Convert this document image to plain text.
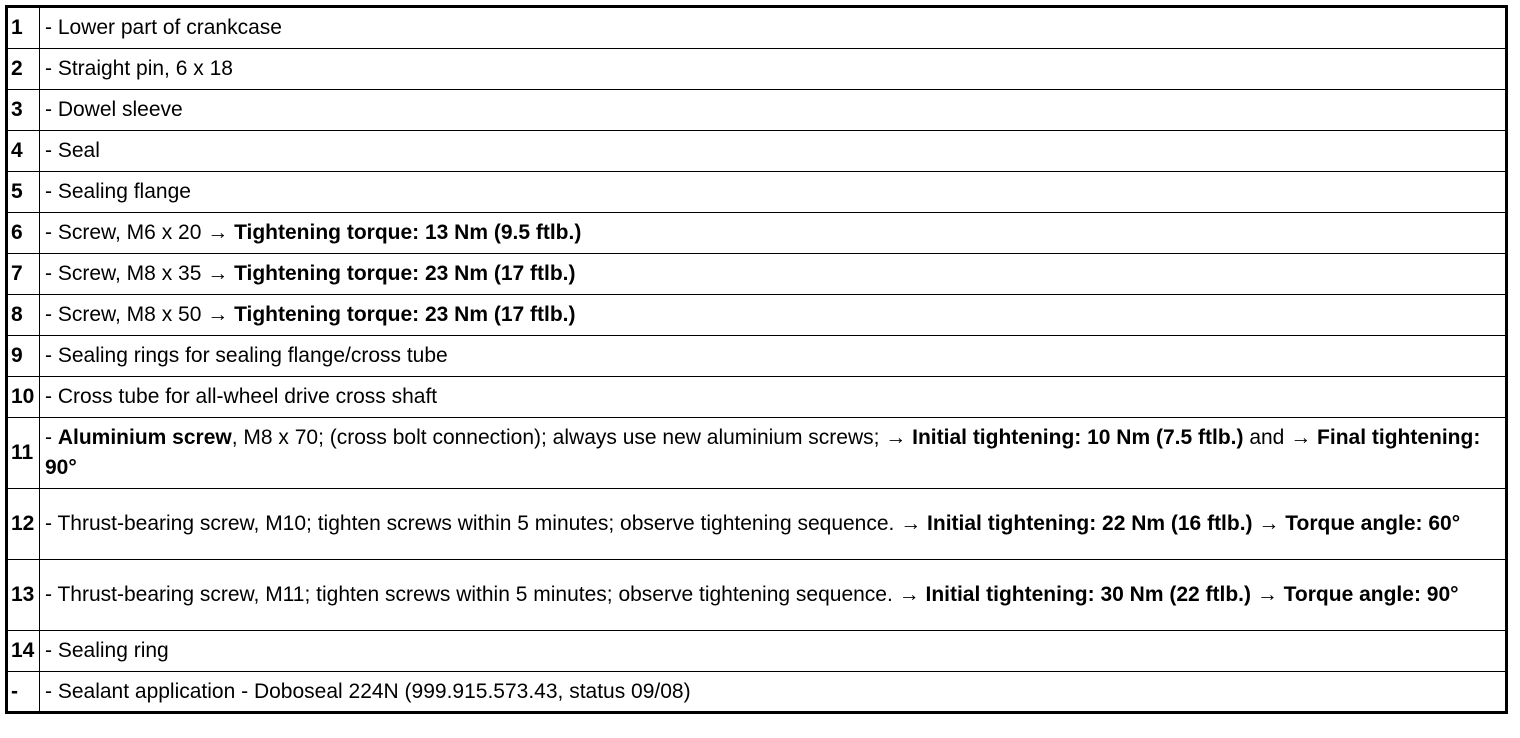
1	- Lower part of crankcase
2	- Straight pin, 6 x 18
3	- Dowel sleeve
4	- Seal
5	- Sealing flange
6	- Screw, M6 x 20 → Tightening torque: 13 Nm (9.5 ftlb.)
7	- Screw, M8 x 35 → Tightening torque: 23 Nm (17 ftlb.)
8	- Screw, M8 x 50 → Tightening torque: 23 Nm (17 ftlb.)
9	- Sealing rings for sealing flange/cross tube
10	- Cross tube for all-wheel drive cross shaft
11	- Aluminium screw, M8 x 70; (cross bolt connection); always use new aluminium screws; → Initial tightening: 10 Nm (7.5 ftlb.) and → Final tightening: 90°
12	- Thrust-bearing screw, M10; tighten screws within 5 minutes; observe tightening sequence. → Initial tightening: 22 Nm (16 ftlb.) → Torque angle: 60°
13	- Thrust-bearing screw, M11; tighten screws within 5 minutes; observe tightening sequence. → Initial tightening: 30 Nm (22 ftlb.) → Torque angle: 90°
14	- Sealing ring
-	- Sealant application - Doboseal 224N (999.915.573.43, status 09/08)
